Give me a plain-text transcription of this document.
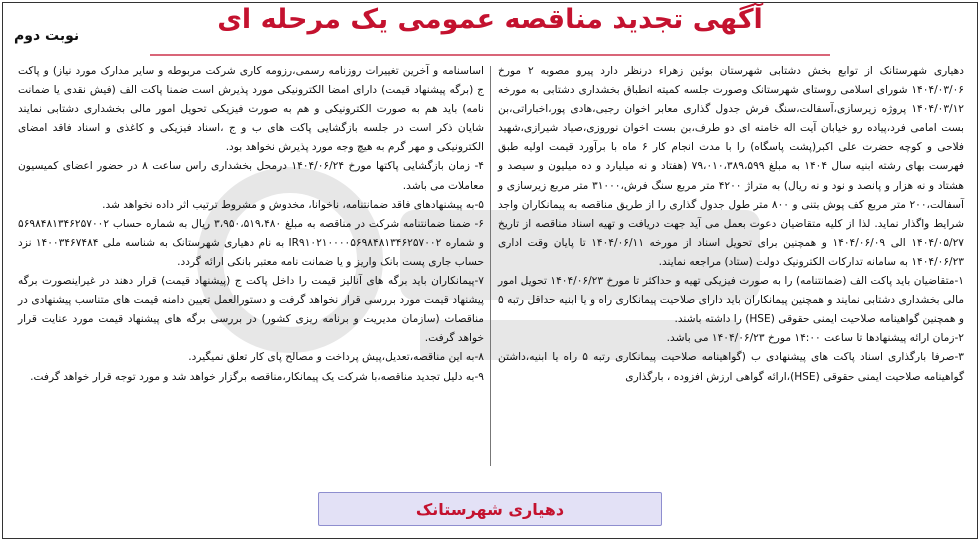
نوبت دوم
آگهی تجدید مناقصه عمومی یک مرحله ای

دهیاری شهرستانک از توابع بخش دشتابی شهرستان بوئین زهراء درنظر دارد پیرو مصوبه ۲ مورخ ۱۴۰۴/۰۳/۰۶ شورای اسلامی روستای شهرستانک وصورت جلسه کمیته انطباق بخشداری دشتابی به مورخه ۱۴۰۴/۰۳/۱۲ پروژه زیرسازی،آسفالت،سنگ فرش جدول گذاری معابر اخوان رجبی،هادی پور،اخباراتی،بن بست امامی فرد،پیاده رو خیابان آیت اله خامنه ای دو طرف،بن بست اخوان نوروزی،صیاد شیرازی،شهید فلاحی و کوچه حضرت علی اکبر(پشت پاسگاه) را با مدت انجام کار ۶ ماه با برآورد قیمت اولیه طبق فهرست بهای رشته ابنیه سال ۱۴۰۴ به مبلغ ۷۹،۰۱۰،۳۸۹،۵۹۹ (هفتاد و نه میلیارد و ده میلیون و سیصد و هشتاد و نه هزار و پانصد و نود و نه ریال) به متراژ ۴۲۰۰ متر مربع سنگ فرش،۳۱۰۰۰ متر مربع زیرسازی و آسفالت،۲۰۰ متر مربع کف پوش بتنی و ۸۰۰ متر طول جدول گذاری را از طریق مناقصه به پیمانکاران واجد شرایط واگذار نماید. لذا از کلیه متقاضیان دعوت بعمل می آید جهت دریافت و تهیه اسناد مناقصه از تاریخ ۱۴۰۴/۰۵/۲۷ الی ۱۴۰۴/۰۶/۰۹ و همچنین برای تحویل اسناد از مورخه ۱۴۰۴/۰۶/۱۱ تا پایان وقت اداری ۱۴۰۴/۰۶/۲۳ به سامانه تدارکات الکترونیک دولت (ستاد) مراجعه نمایند.

۱-متقاضیان باید پاکت الف (ضمانتنامه) را به صورت فیزیکی تهیه و حداکثر تا مورخ ۱۴۰۴/۰۶/۲۳ تحویل امور مالی بخشداری دشتابی نمایند و همچنین پیمانکاران باید دارای صلاحیت پیمانکاری راه و یا ابنیه حداقل رتبه ۵ و همچنین گواهینامه صلاحیت ایمنی حقوقی (HSE) را داشته باشند.

۲-زمان ارائه پیشنهادها تا ساعت ۱۴:۰۰ مورخ ۱۴۰۴/۰۶/۲۳ می باشد.

۳-صرفا بارگذاری اسناد پاکت های پیشنهادی ب (گواهینامه صلاحیت پیمانکاری رتبه ۵ راه یا ابنیه،داشتن گواهینامه صلاحیت ایمنی حقوقی (HSE)،ارائه گواهی ارزش افزوده ، بارگذاری

اساسنامه و آخرین تغییرات روزنامه رسمی،رزومه کاری شرکت مربوطه و سایر مدارک مورد نیاز) و پاکت ج (برگه پیشنهاد قیمت) دارای امضا الکترونیکی مورد پذیرش است ضمنا پاکت الف (فیش نقدی یا ضمانت نامه) باید هم به صورت الکترونیکی و هم به صورت فیزیکی تحویل امور مالی بخشداری دشتابی نمایند شایان ذکر است در جلسه بازگشایی پاکت های ب و ج ،اسناد فیزیکی و کاغذی و اسناد فاقد امضای الکترونیکی و مهر گرم به هیچ وجه مورد پذیرش نخواهد بود.

۴- زمان بازگشایی پاکتها مورخ ۱۴۰۴/۰۶/۲۴ درمحل بخشداری راس ساعت ۸ در حضور اعضای کمیسیون معاملات می باشد.

۵-به پیشنهادهای فاقد ضمانتنامه، ناخوانا، مخدوش و مشروط ترتیب اثر داده نخواهد شد.

۶- ضمنا ضمانتنامه شرکت در مناقصه به مبلغ ۳،۹۵۰،۵۱۹،۴۸۰ ریال به شماره حساب ۵۶۹۸۴۸۱۳۴۶۲۵۷۰۰۲ و شماره IR۹۱۰۲۱۰۰۰۰۵۶۹۸۴۸۱۳۴۶۲۵۷۰۰۲ به نام دهیاری شهرستانک به شناسه ملی ۱۴۰۰۳۴۶۷۴۸۴ نزد حساب جاری پست بانک واریز و یا ضمانت نامه معتبر بانکی ارائه گردد.

۷-پیمانکاران باید برگه های آنالیز قیمت را داخل پاکت ج (پیشنهاد قیمت) قرار دهند در غیراینصورت برگه پیشنهاد قیمت مورد بررسی قرار نخواهد گرفت و دستورالعمل تعیین دامنه قیمت های متناسب پیشنهادی در مناقصات (سازمان مدیریت و برنامه ریزی کشور) در بررسی برگه های پیشنهاد قیمت مورد عنایت قرار خواهد گرفت.

۸-به این مناقصه،تعدیل،پیش پرداخت و مصالح پای کار تعلق نمیگیرد.

۹-به دلیل تجدید مناقصه،با شرکت یک پیمانکار،مناقصه برگزار خواهد شد و مورد توجه قرار خواهد گرفت.

دهیاری شهرستانک
